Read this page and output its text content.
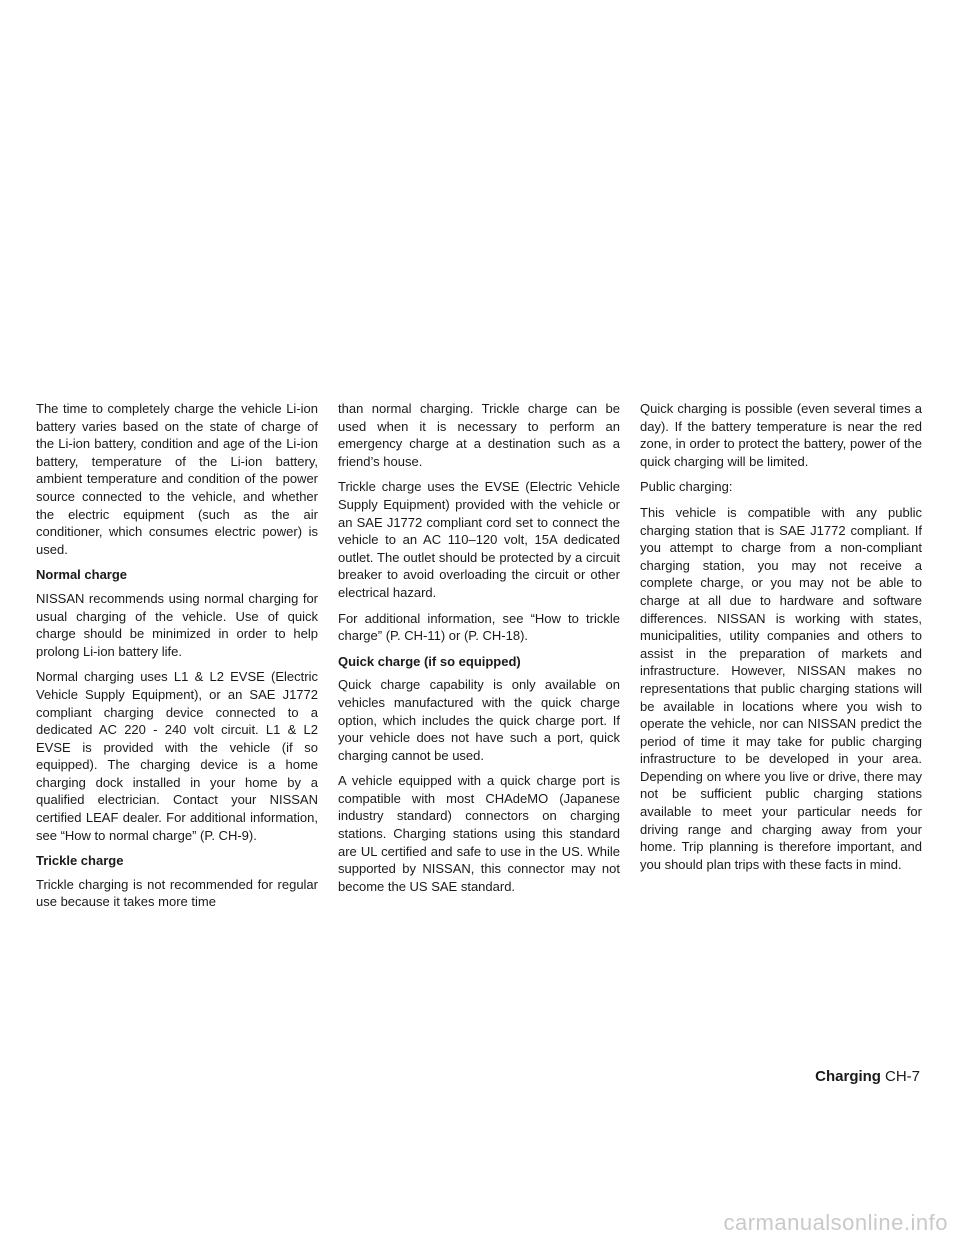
The time to completely charge the vehicle Li-ion battery varies based on the state of charge of the Li-ion battery, condition and age of the Li-ion battery, temperature of the Li-ion battery, ambient temperature and condition of the power source connected to the vehicle, and whether the electric equipment (such as the air conditioner, which consumes electric power) is used.

Normal charge

NISSAN recommends using normal charging for usual charging of the vehicle. Use of quick charge should be minimized in order to help prolong Li-ion battery life.

Normal charging uses L1 & L2 EVSE (Electric Vehicle Supply Equipment), or an SAE J1772 compliant charging device connected to a dedicated AC 220 - 240 volt circuit. L1 & L2 EVSE is provided with the vehicle (if so equipped). The charging device is a home charging dock installed in your home by a qualified electrician. Contact your NISSAN certified LEAF dealer. For additional information, see “How to normal charge” (P. CH-9).

Trickle charge

Trickle charging is not recommended for regular use because it takes more time

than normal charging. Trickle charge can be used when it is necessary to perform an emergency charge at a destination such as a friend’s house.

Trickle charge uses the EVSE (Electric Vehicle Supply Equipment) provided with the vehicle or an SAE J1772 compliant cord set to connect the vehicle to an AC 110–120 volt, 15A dedicated outlet. The outlet should be protected by a circuit breaker to avoid overloading the circuit or other electrical hazard.

For additional information, see “How to trickle charge” (P. CH-11) or (P. CH-18).

Quick charge (if so equipped)

Quick charge capability is only available on vehicles manufactured with the quick charge option, which includes the quick charge port. If your vehicle does not have such a port, quick charging cannot be used.

A vehicle equipped with a quick charge port is compatible with most CHAdeMO (Japanese industry standard) connectors on charging stations. Charging stations using this standard are UL certified and safe to use in the US. While supported by NISSAN, this connector may not become the US SAE standard.

Quick charging is possible (even several times a day). If the battery temperature is near the red zone, in order to protect the battery, power of the quick charging will be limited.

Public charging:

This vehicle is compatible with any public charging station that is SAE J1772 compliant. If you attempt to charge from a non-compliant charging station, you may not receive a complete charge, or you may not be able to charge at all due to hardware and software differences. NISSAN is working with states, municipalities, utility companies and others to assist in the preparation of markets and infrastructure. However, NISSAN makes no representations that public charging stations will be available in locations where you wish to operate the vehicle, nor can NISSAN predict the period of time it may take for public charging infrastructure to be developed in your area. Depending on where you live or drive, there may not be sufficient public charging stations available to meet your particular needs for driving range and charging away from your home. Trip planning is therefore important, and you should plan trips with these facts in mind.

Charging CH-7
carmanualsonline.info
